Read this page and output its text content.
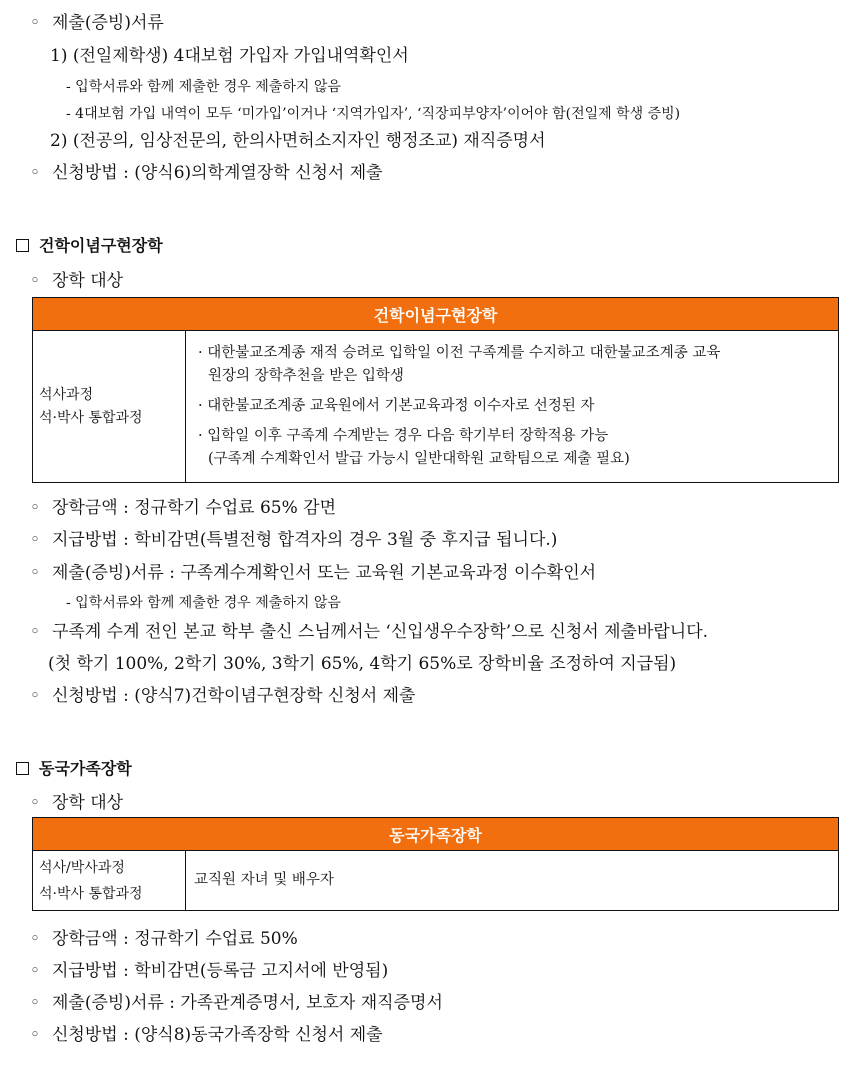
◦ 제출(증빙)서류
1) (전일제학생) 4대보험 가입자 가입내역확인서
- 입학서류와 함께 제출한 경우 제출하지 않음
- 4대보험 가입 내역이 모두 ‘미가입’이거나 ‘지역가입자’, ‘직장피부양자’이어야 함(전일제 학생 증빙)
2) (전공의, 임상전문의, 한의사면허소지자인 행정조교) 재직증명서
◦ 신청방법 : (양식6)의학계열장학 신청서 제출
건학이념구현장학
◦ 장학 대상
건학이념구현장학

석사과정
석·박사 통합과정

· 대한불교조계종 재적 승려로 입학일 이전 구족계를 수지하고 대한불교조계종 교육
원장의 장학추천을 받은 입학생
· 대한불교조계종 교육원에서 기본교육과정 이수자로 선정된 자
· 입학일 이후 구족계 수계받는 경우 다음 학기부터 장학적용 가능
(구족계 수계확인서 발급 가능시 일반대학원 교학팀으로 제출 필요)
◦ 장학금액 : 정규학기 수업료 65% 감면
◦ 지급방법 : 학비감면(특별전형 합격자의 경우 3월 중 후지급 됩니다.)
◦ 제출(증빙)서류 : 구족계수계확인서 또는 교육원 기본교육과정 이수확인서
- 입학서류와 함께 제출한 경우 제출하지 않음
◦ 구족계 수계 전인 본교 학부 출신 스님께서는 ‘신입생우수장학’으로 신청서 제출바랍니다.
(첫 학기 100%, 2학기 30%, 3학기 65%, 4학기 65%로 장학비율 조정하여 지급됨)
◦ 신청방법 : (양식7)건학이념구현장학 신청서 제출
동국가족장학
◦ 장학 대상
동국가족장학

석사/박사과정
석·박사 통합과정

교직원 자녀 및 배우자
◦ 장학금액 : 정규학기 수업료 50%
◦ 지급방법 : 학비감면(등록금 고지서에 반영됨)
◦ 제출(증빙)서류 : 가족관계증명서, 보호자 재직증명서
◦ 신청방법 : (양식8)동국가족장학 신청서 제출
